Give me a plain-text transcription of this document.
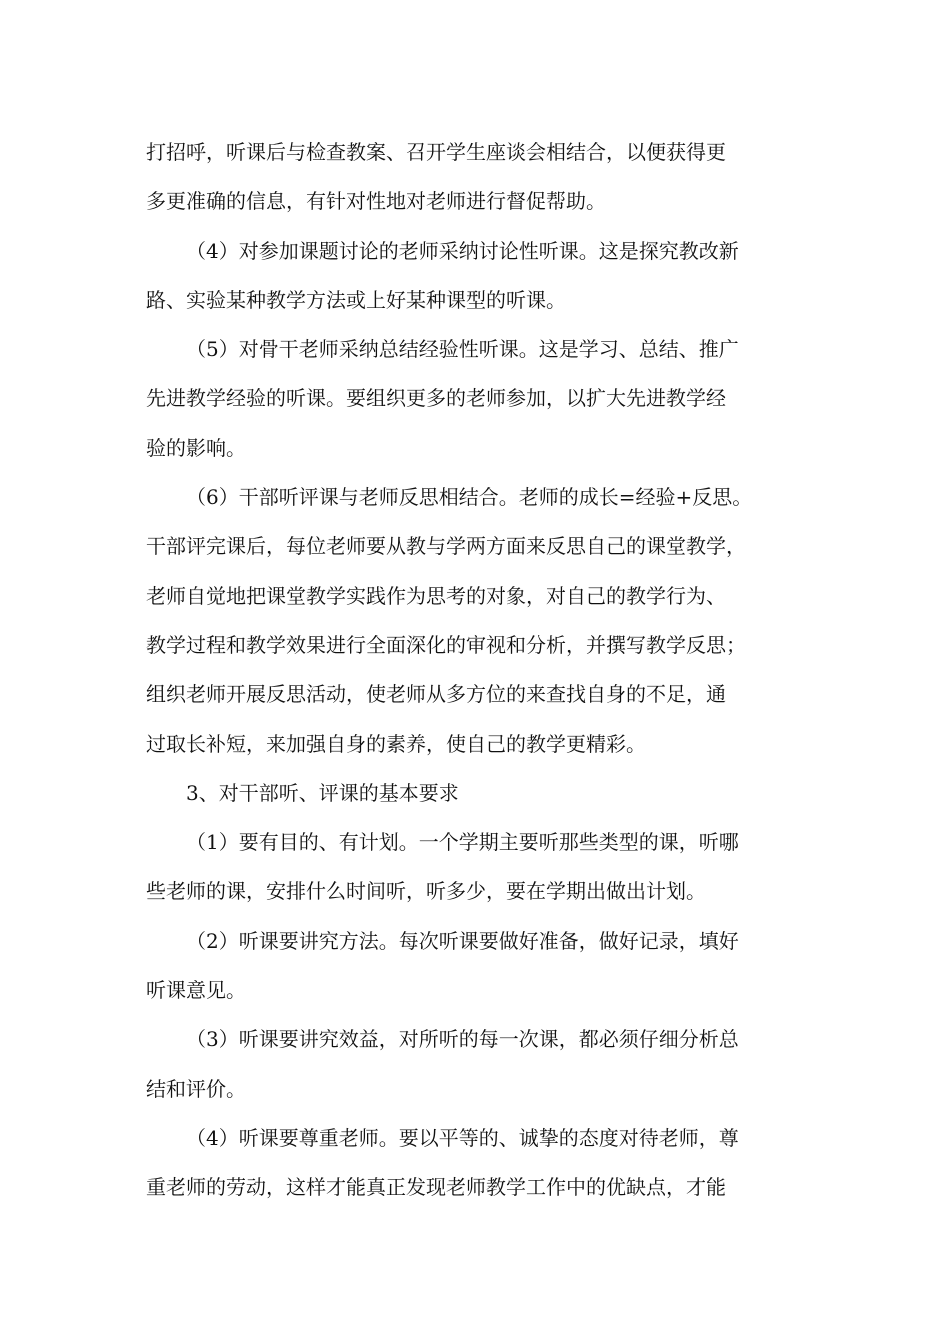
打招呼，听课后与检查教案、召开学生座谈会相结合，以便获得更
多更准确的信息，有针对性地对老师进行督促帮助。

（4）对参加课题讨论的老师采纳讨论性听课。这是探究教改新
路、实验某种教学方法或上好某种课型的听课。

（5）对骨干老师采纳总结经验性听课。这是学习、总结、推广
先进教学经验的听课。要组织更多的老师参加，以扩大先进教学经
验的影响。

（6）干部听评课与老师反思相结合。老师的成长=经验+反思。
干部评完课后，每位老师要从教与学两方面来反思自己的课堂教学，
老师自觉地把课堂教学实践作为思考的对象，对自己的教学行为、
教学过程和教学效果进行全面深化的审视和分析，并撰写教学反思；
组织老师开展反思活动，使老师从多方位的来查找自身的不足，通
过取长补短，来加强自身的素养，使自己的教学更精彩。

3、对干部听、评课的基本要求

（1）要有目的、有计划。一个学期主要听那些类型的课，听哪
些老师的课，安排什么时间听，听多少，要在学期出做出计划。

（2）听课要讲究方法。每次听课要做好准备，做好记录，填好
听课意见。

（3）听课要讲究效益，对所听的每一次课，都必须仔细分析总
结和评价。

（4）听课要尊重老师。要以平等的、诚挚的态度对待老师，尊
重老师的劳动，这样才能真正发现老师教学工作中的优缺点，才能
